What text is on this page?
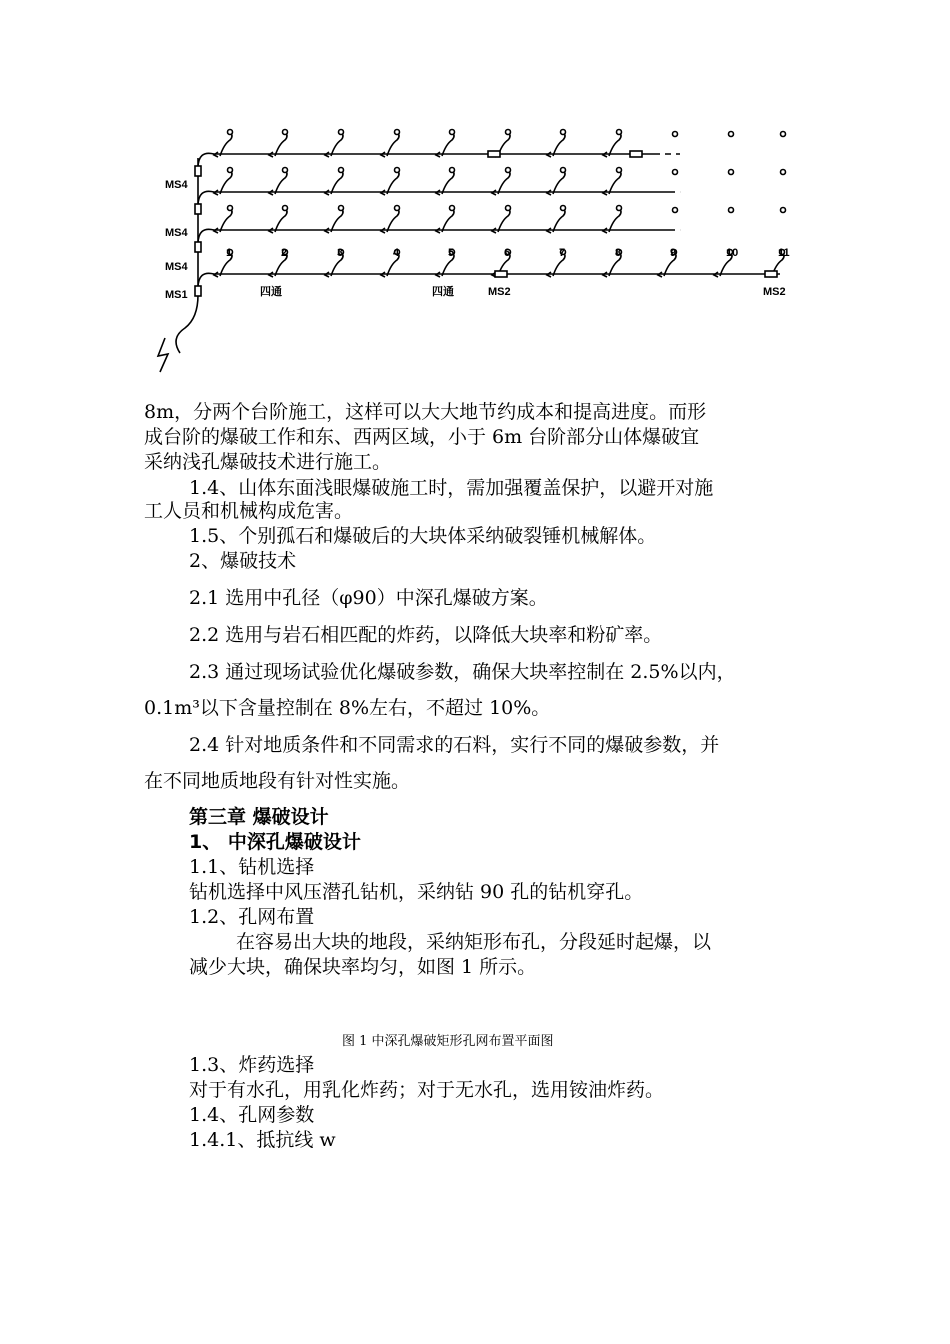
MS4
MS4
MS4
MS1
1	2	3	4	5	6	7	8	9	10	11
四通	四通	MS2	MS2
8m，分两个台阶施工，这样可以大大地节约成本和提高进度。而形
成台阶的爆破工作和东、西两区域，小于 6m 台阶部分山体爆破宜
采纳浅孔爆破技术进行施工。
1.4、山体东面浅眼爆破施工时，需加强覆盖保护，以避开对施
工人员和机械构成危害。
1.5、个别孤石和爆破后的大块体采纳破裂锤机械解体。
2、爆破技术
2.1 选用中孔径（φ90）中深孔爆破方案。
2.2 选用与岩石相匹配的炸药，以降低大块率和粉矿率。
2.3 通过现场试验优化爆破参数，确保大块率控制在 2.5%以内，
0.1m³以下含量控制在 8%左右，不超过 10%。
2.4 针对地质条件和不同需求的石料，实行不同的爆破参数，并
在不同地质地段有针对性实施。
第三章 爆破设计
1、 中深孔爆破设计
1.1、钻机选择
钻机选择中风压潜孔钻机，采纳钻 90 孔的钻机穿孔。
1.2、孔网布置
在容易出大块的地段，采纳矩形布孔，分段延时起爆，以
减少大块，确保块率均匀，如图 1 所示。
图 1 中深孔爆破矩形孔网布置平面图
1.3、炸药选择
对于有水孔，用乳化炸药；对于无水孔，选用铵油炸药。
1.4、孔网参数
1.4.1、抵抗线 w
